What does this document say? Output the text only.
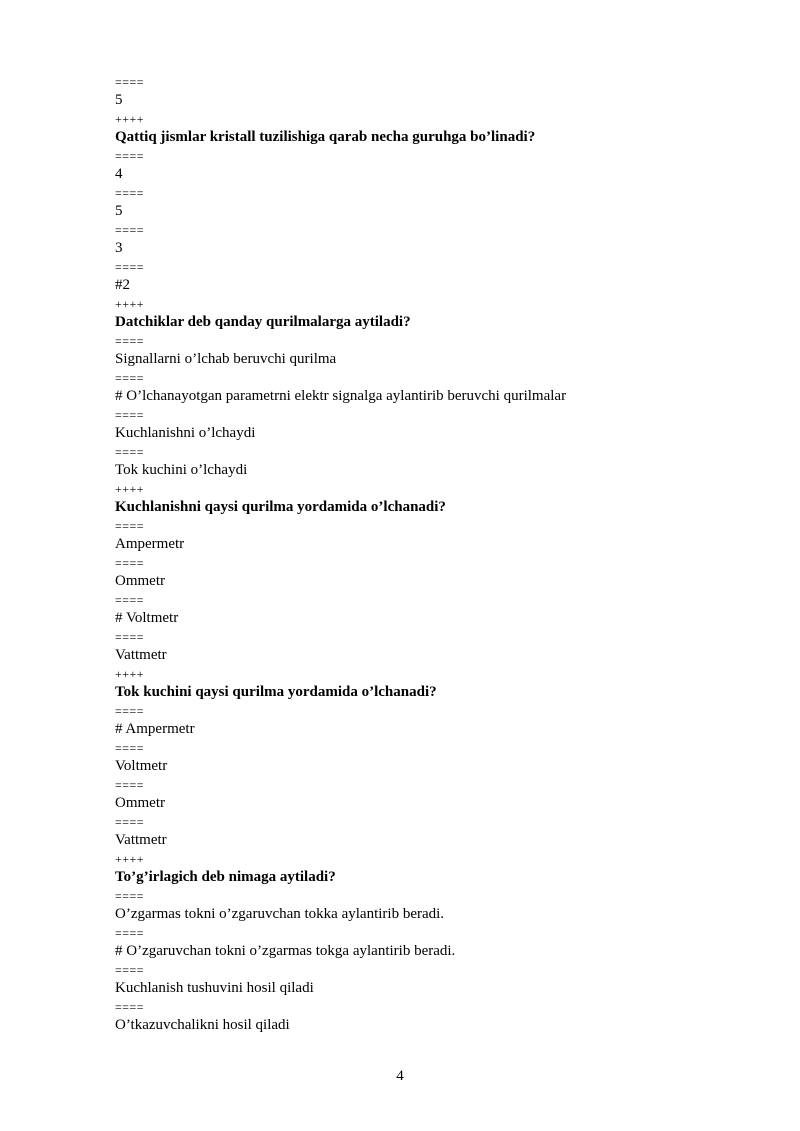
====
5
++++
Qattiq jismlar kristall tuzilishiga qarab necha guruhga bo’linadi?
====
4
====
5
====
3
====
#2
++++
Datchiklar deb qanday qurilmalarga aytiladi?
====
Signallarni o’lchab beruvchi qurilma
====
# O’lchanayotgan parametrni elektr signalga aylantirib beruvchi qurilmalar
====
Kuchlanishni o’lchaydi
====
Tok kuchini o’lchaydi
++++
Kuchlanishni qaysi qurilma yordamida o’lchanadi?
====
Ampermetr
====
Ommetr
====
# Voltmetr
====
Vattmetr
++++
Tok kuchini qaysi qurilma yordamida o’lchanadi?
====
# Ampermetr
====
Voltmetr
====
Ommetr
====
Vattmetr
++++
To’g’irlagich deb nimaga aytiladi?
====
O’zgarmas tokni o’zgaruvchan tokka aylantirib beradi.
====
# O’zgaruvchan tokni o’zgarmas tokga aylantirib beradi.
====
Kuchlanish tushuvini hosil qiladi
====
O’tkazuvchalikni hosil qiladi
4
